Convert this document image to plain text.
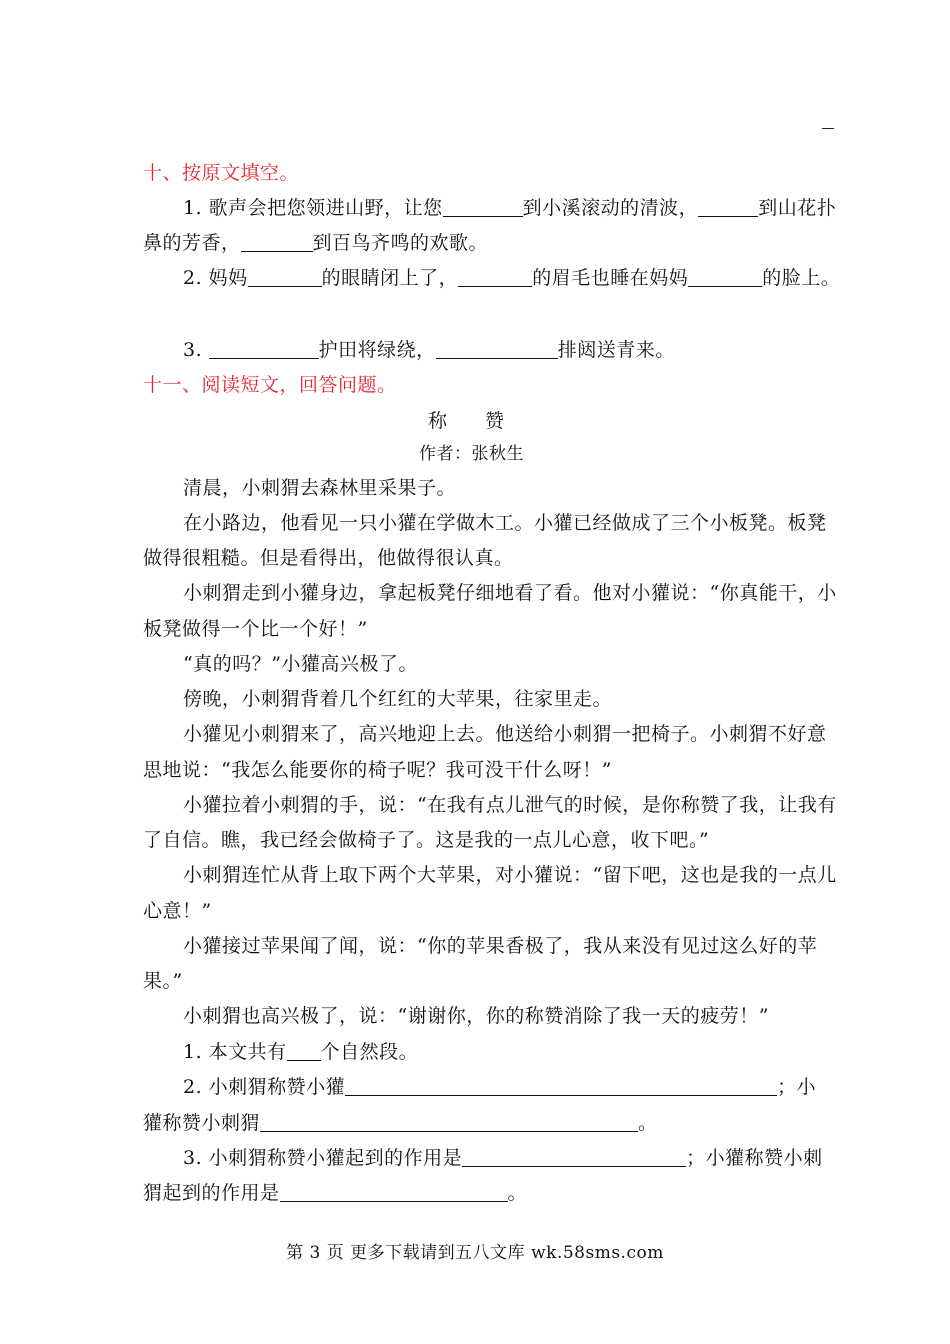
十、按原文填空。
1. 歌声会把您领进山野，让您	到小溪滚动的清波，	到山花扑
鼻的芳香，	到百鸟齐鸣的欢歌。
2. 妈妈	的眼睛闭上了，	的眉毛也睡在妈妈	的脸上。
3.	护田将绿绕，	排闼送青来。
十一、阅读短文，回答问题。
称赞
作者：张秋生
清晨，小刺猬去森林里采果子。
在小路边，他看见一只小獾在学做木工。小獾已经做成了三个小板凳。板凳
做得很粗糙。但是看得出，他做得很认真。
小刺猬走到小獾身边，拿起板凳仔细地看了看。他对小獾说：“你真能干，小
板凳做得一个比一个好！”
“真的吗？”小獾高兴极了。
傍晚，小刺猬背着几个红红的大苹果，往家里走。
小獾见小刺猬来了，高兴地迎上去。他送给小刺猬一把椅子。小刺猬不好意
思地说：“我怎么能要你的椅子呢？我可没干什么呀！”
小獾拉着小刺猬的手，说：“在我有点儿泄气的时候，是你称赞了我，让我有
了自信。瞧，我已经会做椅子了。这是我的一点儿心意，收下吧。”
小刺猬连忙从背上取下两个大苹果，对小獾说：“留下吧，这也是我的一点儿
心意！”
小獾接过苹果闻了闻，说：“你的苹果香极了，我从来没有见过这么好的苹
果。”
小刺猬也高兴极了，说：“谢谢你，你的称赞消除了我一天的疲劳！”
1. 本文共有 个自然段。
2. 小刺猬称赞小獾	；小
獾称赞小刺猬	。
3. 小刺猬称赞小獾起到的作用是	；小獾称赞小刺
猬起到的作用是	。
第 3 页 更多下载请到五八文库 wk.58sms.com
